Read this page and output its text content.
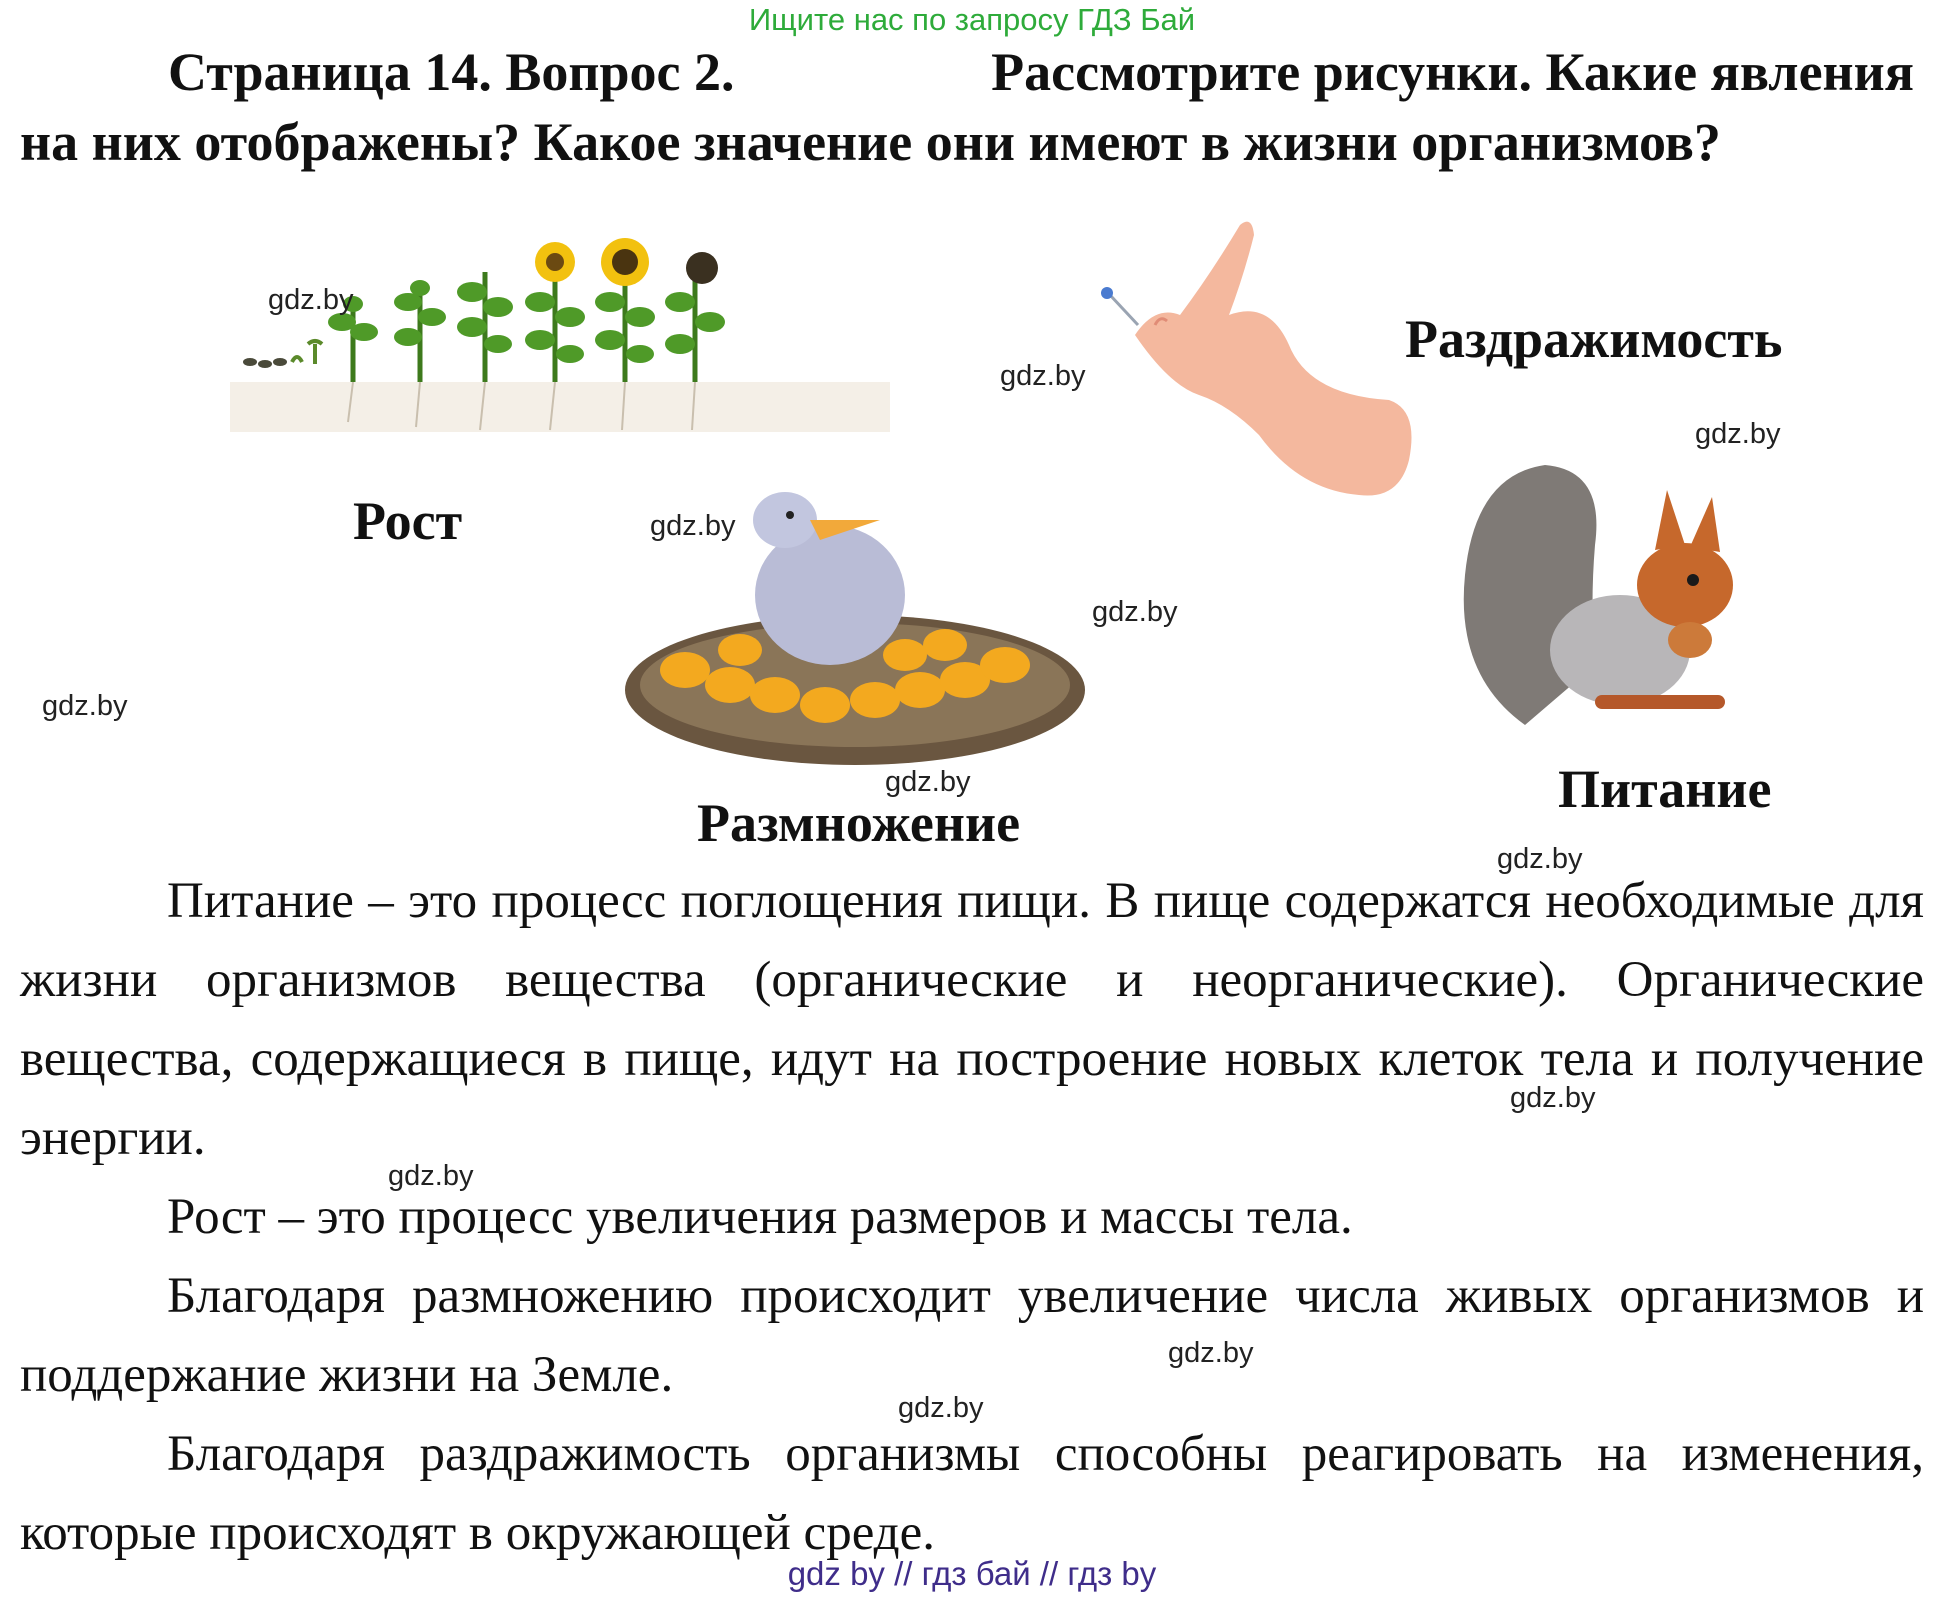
Ищите нас по запросу ГДЗ Бай
Страница 14. Вопрос 2.	Рассмотрите рисунки. Какие явления
на них отображены? Какое значение они имеют в жизни организмов?
Рост
Раздражимость
Питание
Размножение
gdz.by
gdz.by
gdz.by
gdz.by
gdz.by
gdz.by
gdz.by
gdz.by
Питание – это процесс поглощения пищи. В пище содержатся необходимые для жизни организмов вещества (органические и неорганические). Органические вещества, содержащиеся в пище, идут на построение новых клеток тела и получение энергии.
Рост – это процесс увеличения размеров и массы тела.
Благодаря размножению происходит увеличение числа живых организмов и поддержание жизни на Земле.
Благодаря раздражимость организмы способны реагировать на изменения, которые происходят в окружающей среде.
gdz.by
gdz.by
gdz.by
gdz.by
gdz by // гдз бай // гдз by
